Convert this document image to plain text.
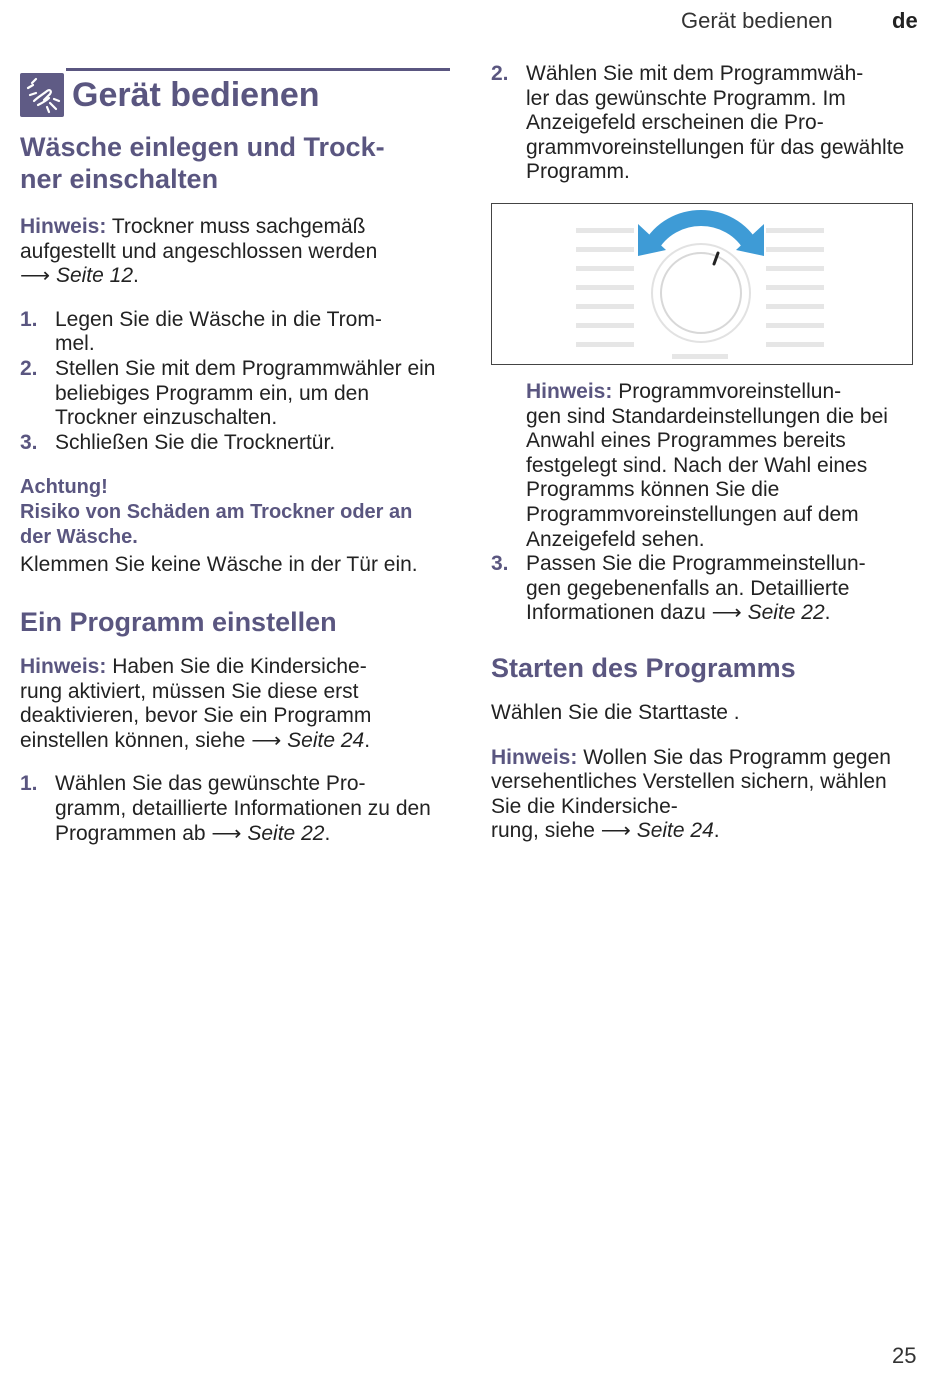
Gerät bedienen	de
Gerät bedienen
Wäsche einlegen und Trock-
ner einschalten

Hinweis: Trockner muss sachgemäß aufgestellt und angeschlossen werden
⟶ Seite 12.

1. Legen Sie die Wäsche in die Trom-
mel.
2. Stellen Sie mit dem Programmwähler ein beliebiges Programm ein, um den Trockner einzuschalten.
3. Schließen Sie die Trocknertür.
Achtung!
Risiko von Schäden am Trockner oder an der Wäsche.

Klemmen Sie keine Wäsche in der Tür ein.

Ein Programm einstellen

Hinweis: Haben Sie die Kindersiche-
rung aktiviert, müssen Sie diese erst deaktivieren, bevor Sie ein Programm einstellen können, siehe ⟶ Seite 24.

1. Wählen Sie das gewünschte Pro-
gramm, detaillierte Informationen zu den Programmen ab ⟶ Seite 22.
2. Wählen Sie mit dem Programmwäh-
ler das gewünschte Programm. Im Anzeigefeld erscheinen die Pro-
grammvoreinstellungen für das gewählte Programm.

Hinweis: Programmvoreinstellun-
gen sind Standardeinstellungen die bei Anwahl eines Programmes bereits festgelegt sind. Nach der Wahl eines Programms können Sie die Programmvoreinstellungen auf dem Anzeigefeld sehen.

3. Passen Sie die Programmeinstellun-
gen gegebenenfalls an. Detaillierte Informationen dazu ⟶ Seite 22.
Starten des Programms

Wählen Sie die Starttaste .

Hinweis: Wollen Sie das Programm gegen versehentliches Verstellen sichern, wählen Sie die Kindersiche-
rung, siehe ⟶ Seite 24.

25
